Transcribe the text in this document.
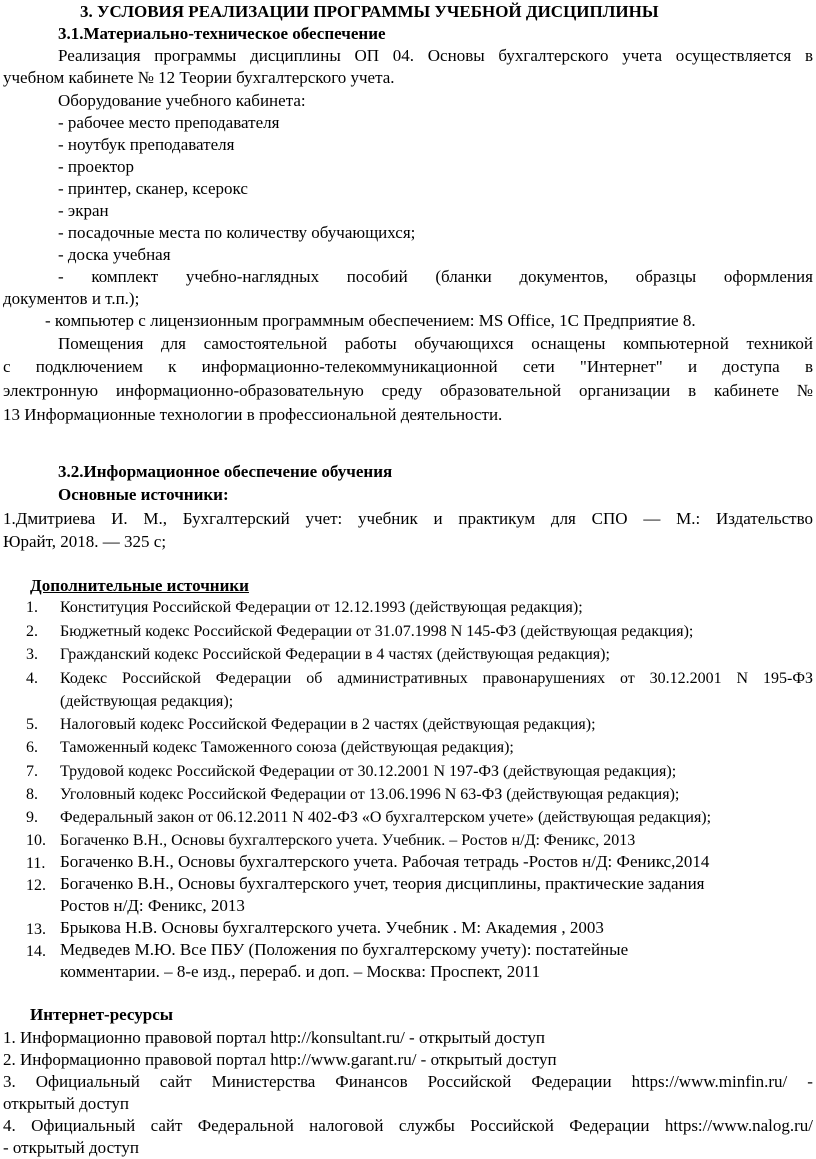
3. УСЛОВИЯ РЕАЛИЗАЦИИ ПРОГРАММЫ УЧЕБНОЙ ДИСЦИПЛИНЫ
3.1.Материально-техническое обеспечение
Реализация программы дисциплины ОП 04. Основы бухгалтерского учета осуществляется в
учебном кабинете № 12 Теории бухгалтерского учета.
Оборудование учебного кабинета:
- рабочее место преподавателя
- ноутбук преподавателя
- проектор
- принтер, сканер, ксерокс
- экран
- посадочные места по количеству обучающихся;
- доска учебная
- комплект учебно-наглядных пособий (бланки документов, образцы оформления
документов и т.п.);
- компьютер с лицензионным программным обеспечением: MS Office, 1С Предприятие 8.
Помещения для самостоятельной работы обучающихся оснащены компьютерной техникой
с подключением к информационно-телекоммуникационной сети "Интернет" и доступа в
электронную информационно-образовательную среду образовательной организации в кабинете №
13 Информационные технологии в профессиональной деятельности.
3.2.Информационное обеспечение обучения
Основные источники:
1.Дмитриева И. М., Бухгалтерский учет: учебник и практикум для СПО — М.: Издательство
Юрайт, 2018. — 325 с;
Дополнительные источники
1. Конституция Российской Федерации от 12.12.1993 (действующая редакция);
2. Бюджетный кодекс Российской Федерации от 31.07.1998 N 145-ФЗ (действующая редакция);
3. Гражданский кодекс Российской Федерации в 4 частях (действующая редакция);
4. Кодекс Российской Федерации об административных правонарушениях от 30.12.2001 N 195-ФЗ
(действующая редакция);
5. Налоговый кодекс Российской Федерации в 2 частях (действующая редакция);
6. Таможенный кодекс Таможенного союза (действующая редакция);
7. Трудовой кодекс Российской Федерации от 30.12.2001 N 197-ФЗ (действующая редакция);
8. Уголовный кодекс Российской Федерации от 13.06.1996 N 63-ФЗ (действующая редакция);
9. Федеральный закон от 06.12.2011 N 402-ФЗ «О бухгалтерском учете» (действующая редакция);
10. Богаченко В.Н., Основы бухгалтерского учета. Учебник. – Ростов н/Д: Феникс, 2013
11. Богаченко В.Н., Основы бухгалтерского учета. Рабочая тетрадь -Ростов н/Д: Феникс,2014
12. Богаченко В.Н., Основы бухгалтерского учет, теория дисциплины, практические задания
Ростов н/Д: Феникс, 2013
13. Брыкова Н.В. Основы бухгалтерского учета. Учебник . М: Академия , 2003
14. Медведев М.Ю. Все ПБУ (Положения по бухгалтерскому учету): постатейные
комментарии. – 8-е изд., перераб. и доп. – Москва: Проспект, 2011
Интернет-ресурсы
1. Информационно правовой портал http://konsultant.ru/ - открытый доступ
2. Информационно правовой портал http://www.garant.ru/ - открытый доступ
3. Официальный сайт Министерства Финансов Российской Федерации https://www.minfin.ru/ -
открытый доступ
4. Официальный сайт Федеральной налоговой службы Российской Федерации https://www.nalog.ru/
- открытый доступ
